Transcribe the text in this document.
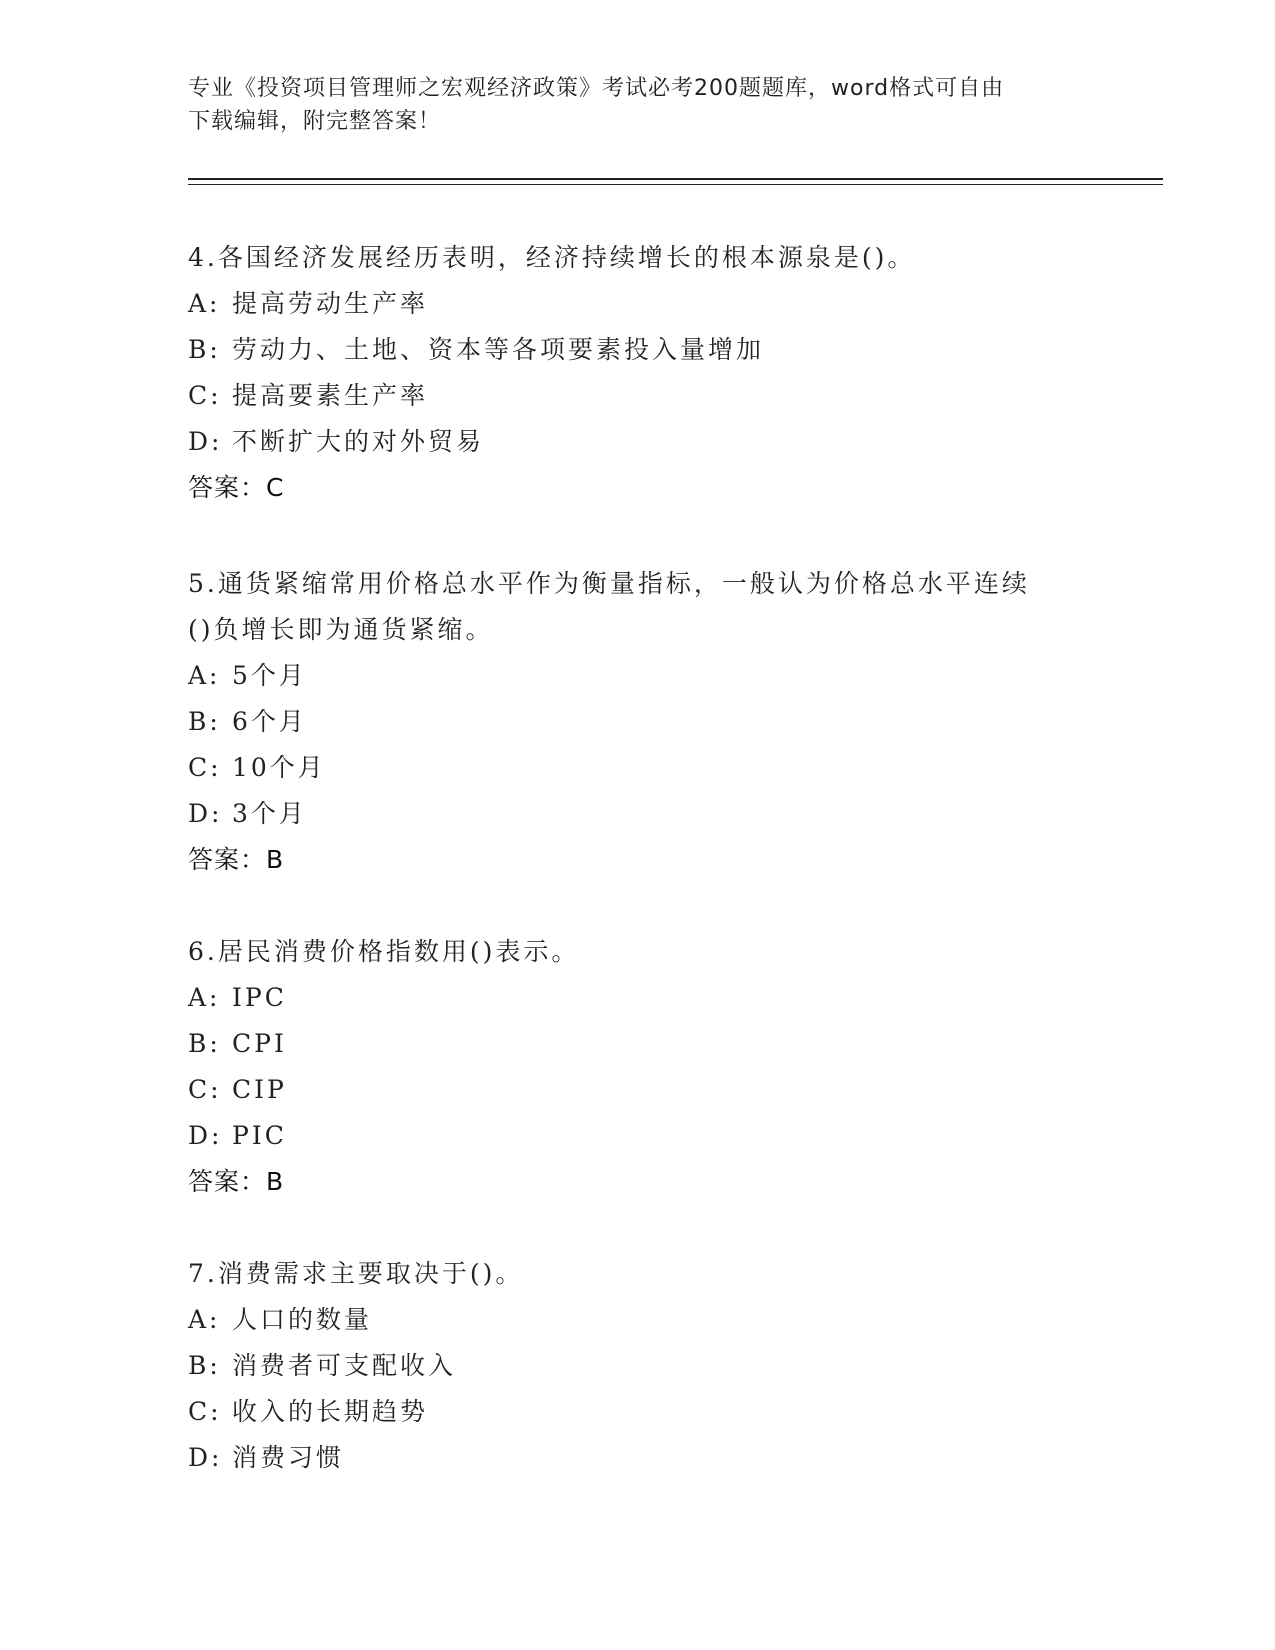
专业《投资项目管理师之宏观经济政策》考试必考200题题库，word格式可自由
下载编辑，附完整答案！
4.各国经济发展经历表明，经济持续增长的根本源泉是()。
A: 提高劳动生产率
B: 劳动力、土地、资本等各项要素投入量增加
C: 提高要素生产率
D: 不断扩大的对外贸易
答案：C
5.通货紧缩常用价格总水平作为衡量指标，一般认为价格总水平连续
()负增长即为通货紧缩。
A: 5个月
B: 6个月
C: 10个月
D: 3个月
答案：B
6.居民消费价格指数用()表示。
A: IPC
B: CPI
C: CIP
D: PIC
答案：B
7.消费需求主要取决于()。
A: 人口的数量
B: 消费者可支配收入
C: 收入的长期趋势
D: 消费习惯
